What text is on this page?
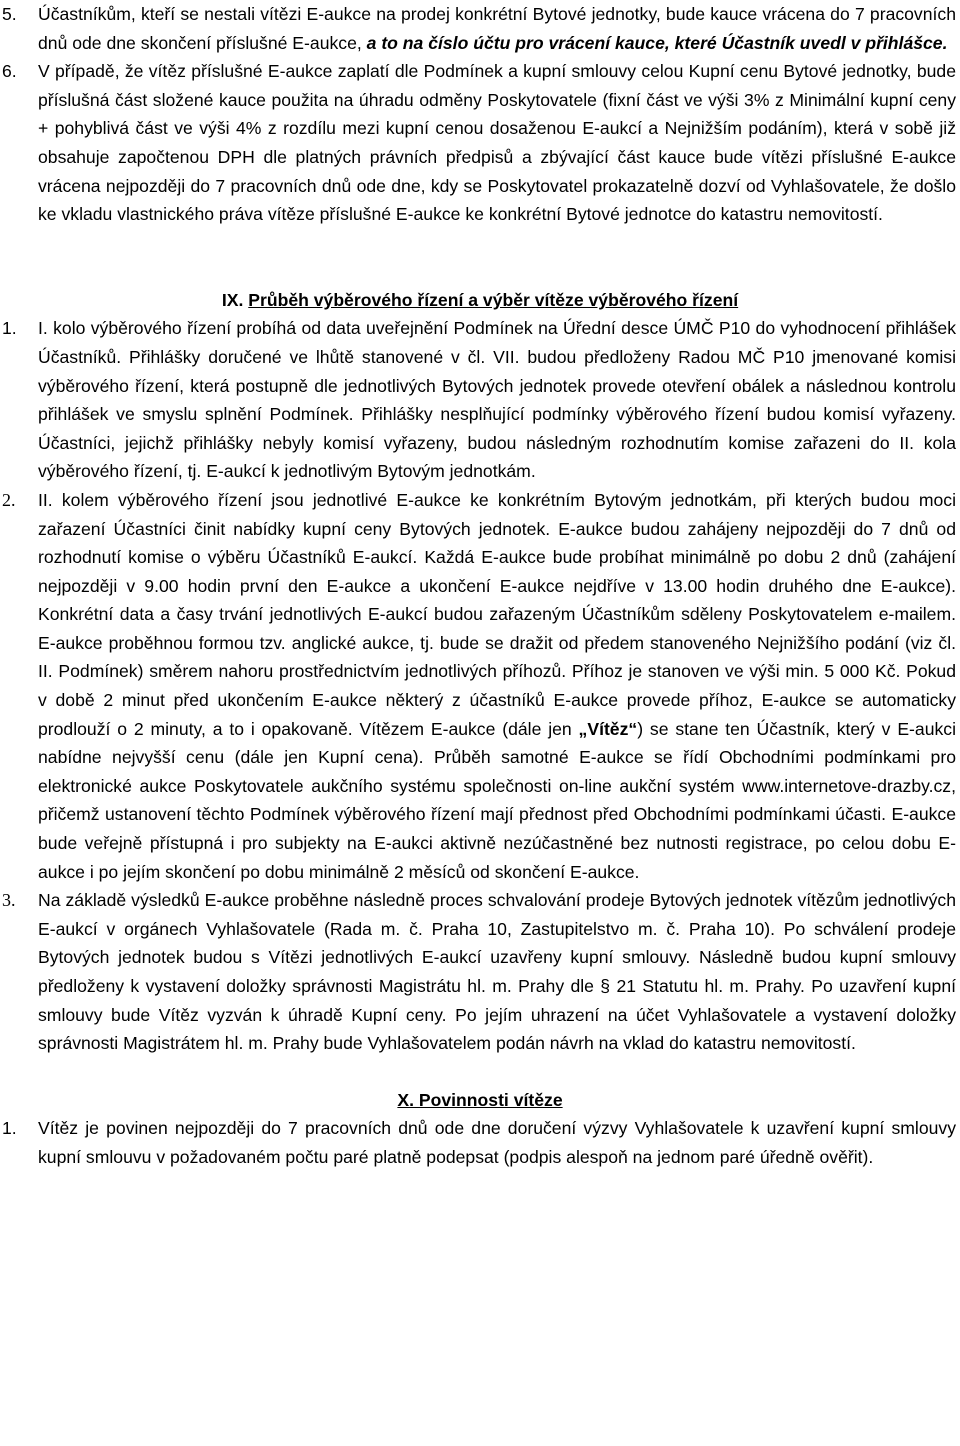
5.	Účastníkům, kteří se nestali vítězi E-aukce na prodej konkrétní Bytové jednotky, bude kauce vrácena do 7 pracovních dnů ode dne skončení příslušné E-aukce, a to na číslo účtu pro vrácení kauce, které Účastník uvedl v přihlášce.
6.	V případě, že vítěz příslušné E-aukce zaplatí dle Podmínek a kupní smlouvy celou Kupní cenu Bytové jednotky, bude příslušná část složené kauce použita na úhradu odměny Poskytovatele (fixní část ve výši 3% z Minimální kupní ceny + pohyblivá část ve výši 4% z rozdílu mezi kupní cenou dosaženou E-aukcí a Nejnižším podáním), která v sobě již obsahuje započtenou DPH dle platných právních předpisů a zbývající část kauce bude vítězi příslušné E-aukce vrácena nejpozději do 7 pracovních dnů ode dne, kdy se Poskytovatel prokazatelně dozví od Vyhlašovatele, že došlo ke vkladu vlastnického práva vítěze příslušné E-aukce ke konkrétní Bytové jednotce do katastru nemovitostí.
IX. Průběh výběrového řízení a výběr vítěze výběrového řízení
1.	I. kolo výběrového řízení probíhá od data uveřejnění Podmínek na Úřední desce ÚMČ P10 do vyhodnocení přihlášek Účastníků. Přihlášky doručené ve lhůtě stanovené v čl. VII. budou předloženy Radou MČ P10 jmenované komisi výběrového řízení, která postupně dle jednotlivých Bytových jednotek provede otevření obálek a následnou kontrolu přihlášek ve smyslu splnění Podmínek. Přihlášky nesplňující podmínky výběrového řízení budou komisí vyřazeny. Účastníci, jejichž přihlášky nebyly komisí vyřazeny, budou následným rozhodnutím komise zařazeni do II. kola výběrového řízení, tj. E-aukcí k jednotlivým Bytovým jednotkám.
2.	II. kolem výběrového řízení jsou jednotlivé E-aukce ke konkrétním Bytovým jednotkám, při kterých budou moci zařazení Účastníci činit nabídky kupní ceny Bytových jednotek. E-aukce budou zahájeny nejpozději do 7 dnů od rozhodnutí komise o výběru Účastníků E-aukcí. Každá E-aukce bude probíhat minimálně po dobu 2 dnů (zahájení nejpozději v 9.00 hodin první den E-aukce a ukončení E-aukce nejdříve v 13.00 hodin druhého dne E-aukce). Konkrétní data a časy trvání jednotlivých E-aukcí budou zařazeným Účastníkům sděleny Poskytovatelem e-mailem. E-aukce proběhnou formou tzv. anglické aukce, tj. bude se dražit od předem stanoveného Nejnižšího podání (viz čl. II. Podmínek) směrem nahoru prostřednictvím jednotlivých příhozů. Příhoz je stanoven ve výši min. 5 000 Kč. Pokud v době 2 minut před ukončením E-aukce některý z účastníků E-aukce provede příhoz, E-aukce se automaticky prodlouží o 2 minuty, a to i opakovaně. Vítězem E-aukce (dále jen „Vítěz“) se stane ten Účastník, který v E-aukci nabídne nejvyšší cenu (dále jen Kupní cena). Průběh samotné E-aukce se řídí Obchodními podmínkami pro elektronické aukce Poskytovatele aukčního systému společnosti on-line aukční systém www.internetove-drazby.cz, přičemž ustanovení těchto Podmínek výběrového řízení mají přednost před Obchodními podmínkami účasti. E-aukce bude veřejně přístupná i pro subjekty na E-aukci aktivně nezúčastněné bez nutnosti registrace, po celou dobu E-aukce i po jejím skončení po dobu minimálně 2 měsíců od skončení E-aukce.
3.	Na základě výsledků E-aukce proběhne následně proces schvalování prodeje Bytových jednotek vítězům jednotlivých E-aukcí v orgánech Vyhlašovatele (Rada m. č. Praha 10, Zastupitelstvo m. č. Praha 10). Po schválení prodeje Bytových jednotek budou s Vítězi jednotlivých E-aukcí uzavřeny kupní smlouvy. Následně budou kupní smlouvy předloženy k vystavení doložky správnosti Magistrátu hl. m. Prahy dle § 21 Statutu hl. m. Prahy. Po uzavření kupní smlouvy bude Vítěz vyzván k úhradě Kupní ceny. Po jejím uhrazení na účet Vyhlašovatele a vystavení doložky správnosti Magistrátem hl. m. Prahy bude Vyhlašovatelem podán návrh na vklad do katastru nemovitostí.
X. Povinnosti vítěze
1.	Vítěz je povinen nejpozději do 7 pracovních dnů ode dne doručení výzvy Vyhlašovatele k uzavření kupní smlouvy kupní smlouvu v požadovaném počtu paré platně podepsat (podpis alespoň na jednom paré úředně ověřit).
